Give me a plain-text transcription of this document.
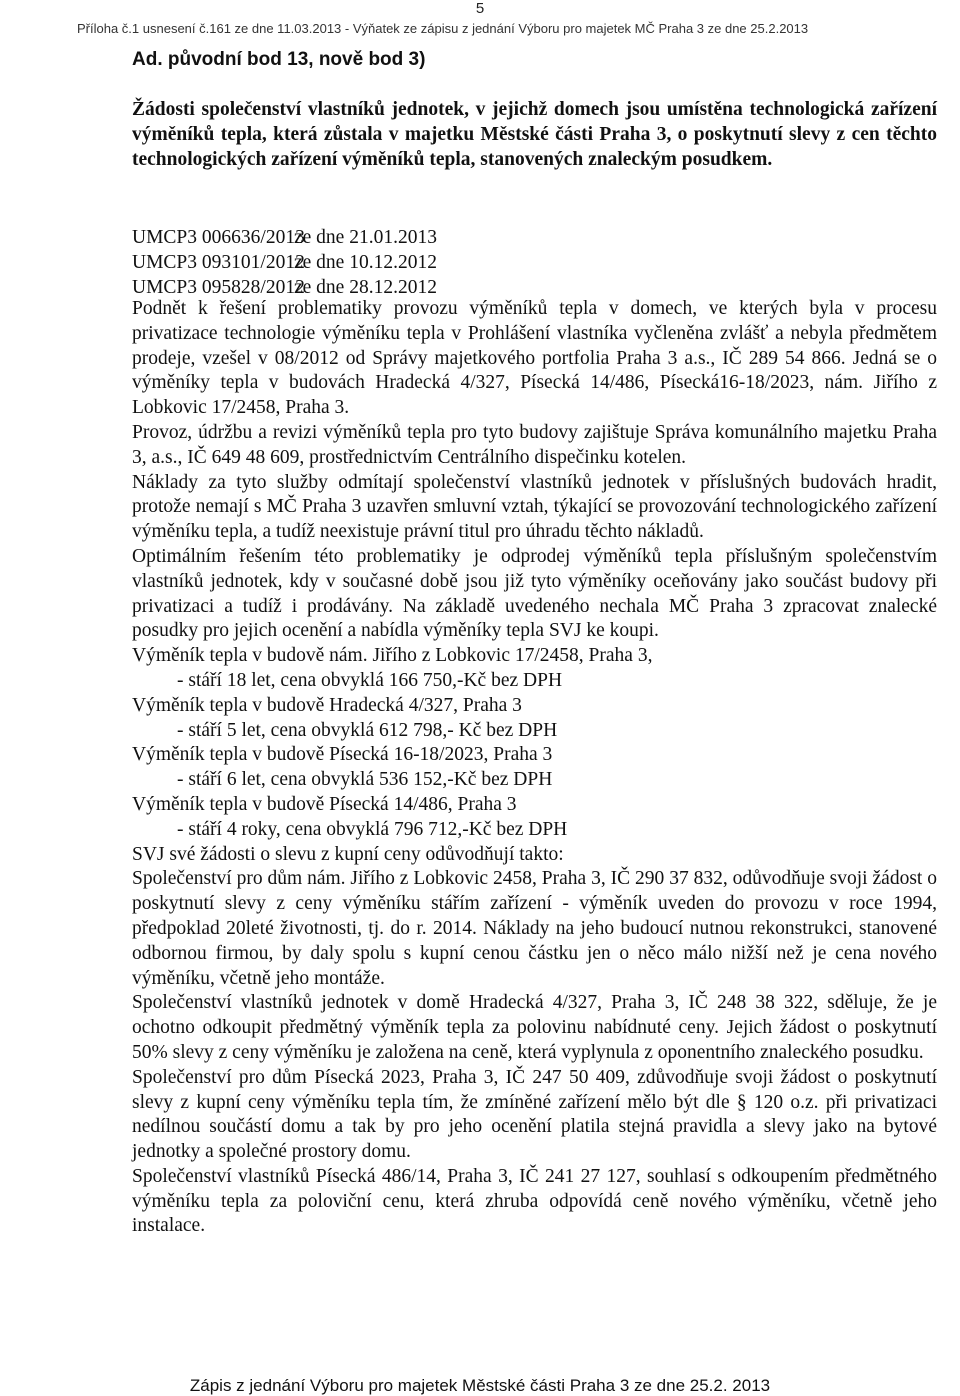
5
Příloha č.1 usnesení č.161 ze dne 11.03.2013 - Výňatek ze zápisu z jednání Výboru pro majetek MČ Praha 3 ze dne 25.2.2013
Ad. původní bod 13, nově bod 3)
Žádosti společenství vlastníků jednotek, v jejichž domech jsou umístěna technologická zařízení výměníků tepla, která zůstala v majetku Městské části Praha 3, o poskytnutí slevy z cen těchto technologických zařízení výměníků tepla, stanovených znaleckým posudkem.
UMCP3 006636/2013ze dne 21.01.2013
UMCP3 093101/2012ze dne 10.12.2012
UMCP3 095828/2012ze dne 28.12.2012

Podnět k řešení problematiky provozu výměníků tepla v domech, ve kterých byla v procesu privatizace technologie výměníku tepla v Prohlášení vlastníka vyčleněna zvlášť a nebyla předmětem prodeje, vzešel v 08/2012 od Správy majetkového portfolia Praha 3 a.s., IČ 289 54 866. Jedná se o výměníky tepla v budovách Hradecká 4/327, Písecká 14/486, Písecká16-18/2023, nám. Jiřího z Lobkovic 17/2458, Praha 3.

Provoz, údržbu a revizi výměníků tepla pro tyto budovy zajištuje Správa komunálního majetku Praha 3, a.s., IČ 649 48 609, prostřednictvím Centrálního dispečinku kotelen.

Náklady za tyto služby odmítají společenství vlastníků jednotek v příslušných budovách hradit, protože nemají s MČ Praha 3 uzavřen smluvní vztah, týkající se provozování technologického zařízení výměníku tepla, a tudíž neexistuje právní titul pro úhradu těchto nákladů.

Optimálním řešením této problematiky je odprodej výměníků tepla příslušným společenstvím vlastníků jednotek, kdy v současné době jsou již tyto výměníky oceňovány jako součást budovy při privatizaci a tudíž i prodávány. Na základě uvedeného nechala MČ Praha 3 zpracovat znalecké posudky pro jejich ocenění a nabídla výměníky tepla SVJ ke koupi.

Výměník tepla v budově nám. Jiřího z Lobkovic 17/2458, Praha 3,

- stáří 18 let, cena obvyklá 166 750,-Kč bez DPH

Výměník tepla v budově Hradecká 4/327, Praha 3

- stáří 5 let, cena obvyklá 612 798,- Kč bez DPH

Výměník tepla v budově Písecká 16-18/2023, Praha 3

- stáří 6 let, cena obvyklá 536 152,-Kč bez DPH

Výměník tepla v budově Písecká 14/486, Praha 3

- stáří 4 roky, cena obvyklá 796 712,-Kč bez DPH

SVJ své žádosti o slevu z kupní ceny odůvodňují takto:

Společenství pro dům nám. Jiřího z Lobkovic 2458, Praha 3, IČ 290 37 832, odůvodňuje svoji žádost o poskytnutí slevy z ceny výměníku stářím zařízení - výměník uveden do provozu v roce 1994, předpoklad 20leté životnosti, tj. do r. 2014. Náklady na jeho budoucí nutnou rekonstrukci, stanovené odbornou firmou, by daly spolu s kupní cenou částku jen o něco málo nižší než je cena nového výměníku, včetně jeho montáže.

Společenství vlastníků jednotek v domě Hradecká 4/327, Praha 3, IČ 248 38 322, sděluje, že je ochotno odkoupit předmětný výměník tepla za polovinu nabídnuté ceny. Jejich žádost o poskytnutí 50% slevy z ceny výměníku je založena na ceně, která vyplynula z oponentního znaleckého posudku.

Společenství pro dům Písecká 2023, Praha 3, IČ 247 50 409, zdůvodňuje svoji žádost o poskytnutí slevy z kupní ceny výměníku tepla tím, že zmíněné zařízení mělo být dle § 120 o.z. při privatizaci nedílnou součástí domu a tak by pro jeho ocenění platila stejná pravidla a slevy jako na bytové jednotky a společné prostory domu.

Společenství vlastníků Písecká 486/14, Praha 3, IČ 241 27 127, souhlasí s odkoupením předmětného výměníku tepla za poloviční cenu, která zhruba odpovídá ceně nového výměníku, včetně jeho instalace.

Zápis z jednání Výboru pro majetek Městské části Praha 3 ze dne 25.2. 2013
